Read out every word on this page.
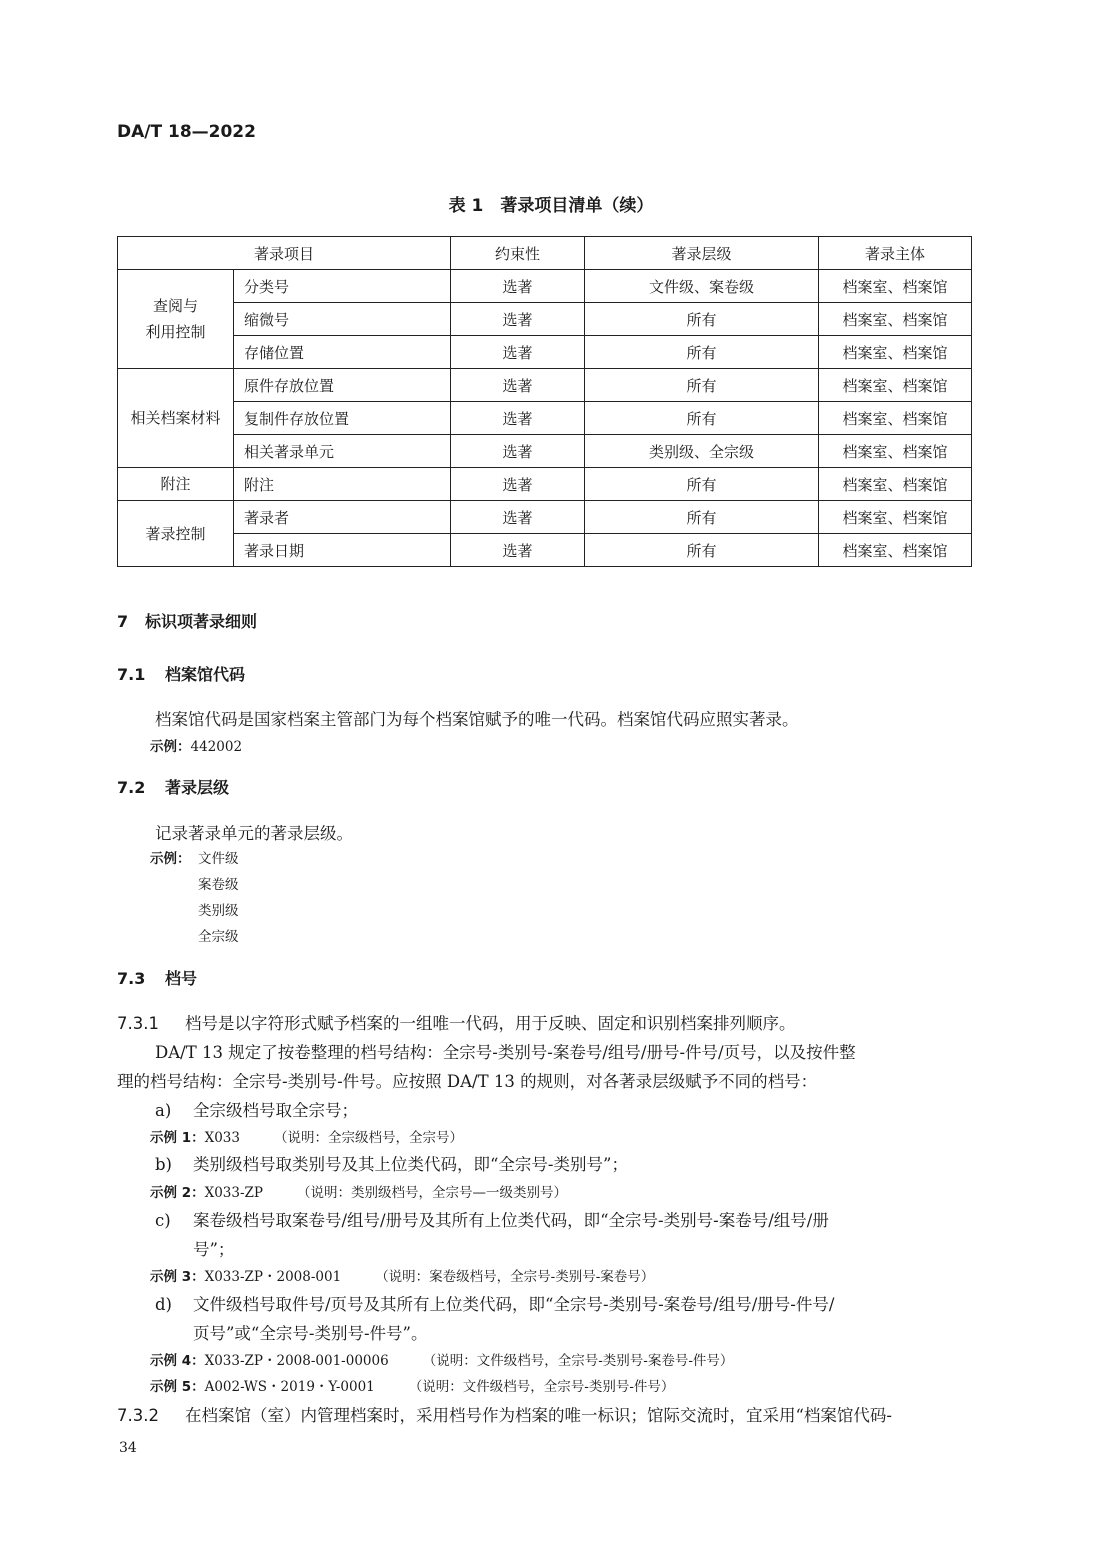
DA/T 18—2022
表 1　著录项目清单（续）
著录项目		约束性	著录层级	著录主体
查阅与
利用控制	分类号	选著	文件级、案卷级	档案室、档案馆
	缩微号	选著	所有	档案室、档案馆
	存储位置	选著	所有	档案室、档案馆
相关档案材料	原件存放位置	选著	所有	档案室、档案馆
	复制件存放位置	选著	所有	档案室、档案馆
	相关著录单元	选著	类别级、全宗级	档案室、档案馆
附注	附注	选著	所有	档案室、档案馆
著录控制	著录者	选著	所有	档案室、档案馆
	著录日期	选著	所有	档案室、档案馆
7 标识项著录细则
7.1 档案馆代码
档案馆代码是国家档案主管部门为每个档案馆赋予的唯一代码。档案馆代码应照实著录。
示例：442002
7.2 著录层级
记录著录单元的著录层级。
示例： 文件级
案卷级
类别级
全宗级
7.3 档号
7.3.1 档号是以字符形式赋予档案的一组唯一代码，用于反映、固定和识别档案排列顺序。
DA/T 13 规定了按卷整理的档号结构：全宗号-类别号-案卷号/组号/册号-件号/页号，以及按件整
理的档号结构：全宗号-类别号-件号。应按照 DA/T 13 的规则，对各著录层级赋予不同的档号：
a) 全宗级档号取全宗号；
示例 1：X033	（说明：全宗级档号，全宗号）
b) 类别级档号取类别号及其上位类代码，即“全宗号-类别号”；
示例 2：X033-ZP	（说明：类别级档号，全宗号—一级类别号）
c) 案卷级档号取案卷号/组号/册号及其所有上位类代码，即“全宗号-类别号-案卷号/组号/册
号”；
示例 3：X033-ZP・2008-001	（说明：案卷级档号，全宗号-类别号-案卷号）
d) 文件级档号取件号/页号及其所有上位类代码，即“全宗号-类别号-案卷号/组号/册号-件号/
页号”或“全宗号-类别号-件号”。
示例 4：X033-ZP・2008-001-00006	（说明：文件级档号，全宗号-类别号-案卷号-件号）
示例 5：A002-WS・2019・Y-0001	（说明：文件级档号，全宗号-类别号-件号）
7.3.2 在档案馆（室）内管理档案时，采用档号作为档案的唯一标识；馆际交流时，宜采用“档案馆代码-
34
